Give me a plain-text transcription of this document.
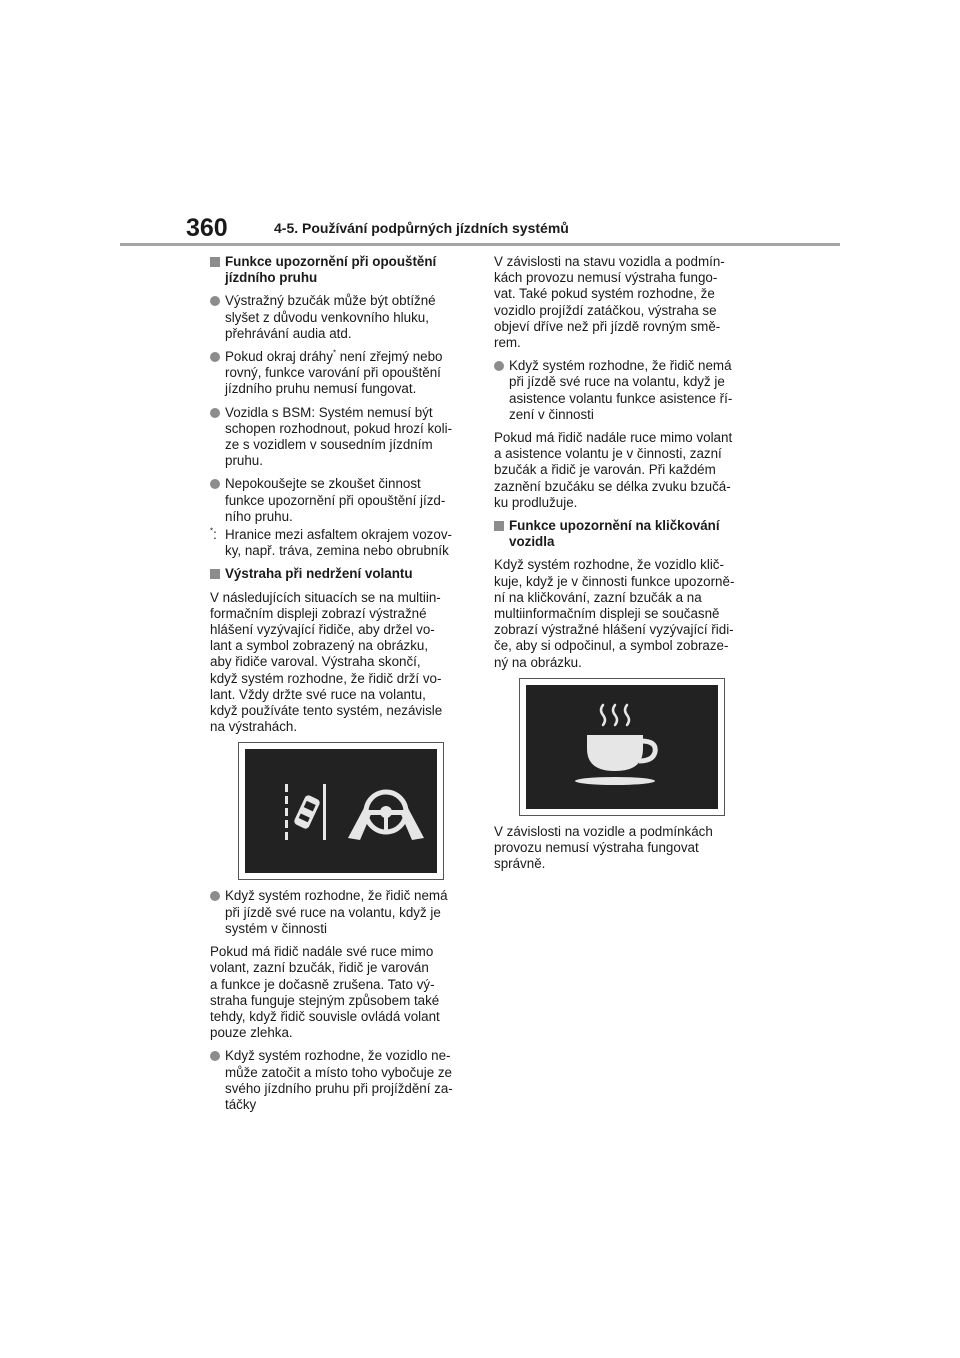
360	4-5. Používání podpůrných jízdních systémů
Funkce upozornění při opouštění
jízdního pruhu
Výstražný bzučák může být obtížné
slyšet z důvodu venkovního hluku,
přehrávání audia atd.
Pokud okraj dráhy* není zřejmý nebo
rovný, funkce varování při opouštění
jízdního pruhu nemusí fungovat.
Vozidla s BSM: Systém nemusí být
schopen rozhodnout, pokud hrozí koli-
ze s vozidlem v sousedním jízdním
pruhu.
Nepokoušejte se zkoušet činnost
funkce upozornění při opouštění jízd-
ního pruhu.
*: Hranice mezi asfaltem okrajem vozov-
ky, např. tráva, zemina nebo obrubník
Výstraha při nedržení volantu
V následujících situacích se na multiin-
formačním displeji zobrazí výstražné
hlášení vyzývající řidiče, aby držel vo-
lant a symbol zobrazený na obrázku,
aby řidiče varoval. Výstraha skončí,
když systém rozhodne, že řidič drží vo-
lant. Vždy držte své ruce na volantu,
když používáte tento systém, nezávisle
na výstrahách.
Když systém rozhodne, že řidič nemá
při jízdě své ruce na volantu, když je
systém v činnosti
Pokud má řidič nadále své ruce mimo
volant, zazní bzučák, řidič je varován
a funkce je dočasně zrušena. Tato vý-
straha funguje stejným způsobem také
tehdy, když řidič souvisle ovládá volant
pouze zlehka.
Když systém rozhodne, že vozidlo ne-
může zatočit a místo toho vybočuje ze
svého jízdního pruhu při projíždění za-
táčky
V závislosti na stavu vozidla a podmín-
kách provozu nemusí výstraha fungo-
vat. Také pokud systém rozhodne, že
vozidlo projíždí zatáčkou, výstraha se
objeví dříve než při jízdě rovným smě-
rem.
Když systém rozhodne, že řidič nemá
při jízdě své ruce na volantu, když je
asistence volantu funkce asistence ří-
zení v činnosti
Pokud má řidič nadále ruce mimo volant
a asistence volantu je v činnosti, zazní
bzučák a řidič je varován. Při každém
zaznění bzučáku se délka zvuku bzučá-
ku prodlužuje.
Funkce upozornění na kličkování
vozidla
Když systém rozhodne, že vozidlo klič-
kuje, když je v činnosti funkce upozorně-
ní na kličkování, zazní bzučák a na
multiinformačním displeji se současně
zobrazí výstražné hlášení vyzývající řidi-
če, aby si odpočinul, a symbol zobraze-
ný na obrázku.
V závislosti na vozidle a podmínkách
provozu nemusí výstraha fungovat
správně.
